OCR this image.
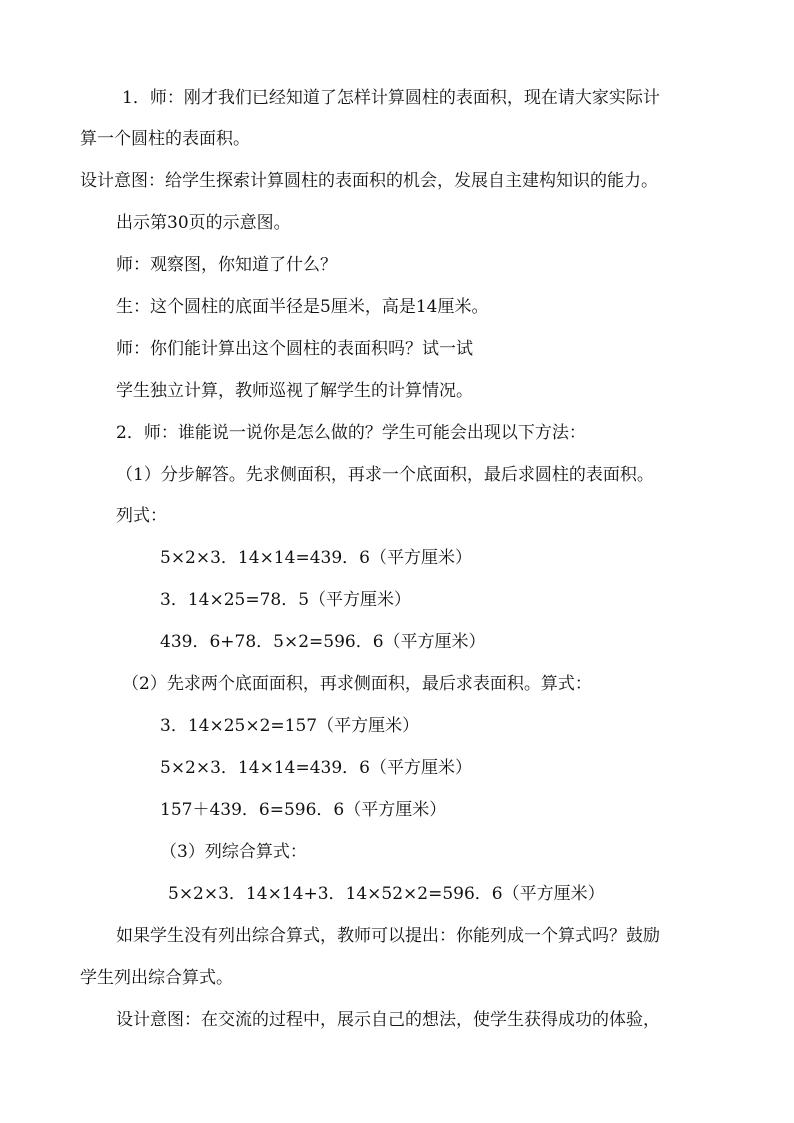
1．师：刚才我们已经知道了怎样计算圆柱的表面积，现在请大家实际计
算一个圆柱的表面积。
设计意图：给学生探索计算圆柱的表面积的机会，发展自主建构知识的能力。
出示第30页的示意图。
师：观察图，你知道了什么？
生：这个圆柱的底面半径是5厘米，高是14厘米。
师：你们能计算出这个圆柱的表面积吗？试一试
学生独立计算，教师巡视了解学生的计算情况。
2．师：谁能说一说你是怎么做的？学生可能会出现以下方法：
（1）分步解答。先求侧面积，再求一个底面积，最后求圆柱的表面积。
列式：
5×2×3．14×14=439．6（平方厘米）
3．14×25=78．5（平方厘米）
439．6+78．5×2=596．6（平方厘米）
（2）先求两个底面面积，再求侧面积，最后求表面积。算式：
3．14×25×2=157（平方厘米）
5×2×3．14×14=439．6（平方厘米）
157＋439．6=596．6（平方厘米）
（3）列综合算式：
5×2×3．14×14+3．14×52×2=596．6（平方厘米）
如果学生没有列出综合算式，教师可以提出：你能列成一个算式吗？鼓励
学生列出综合算式。
设计意图：在交流的过程中，展示自己的想法，使学生获得成功的体验，
